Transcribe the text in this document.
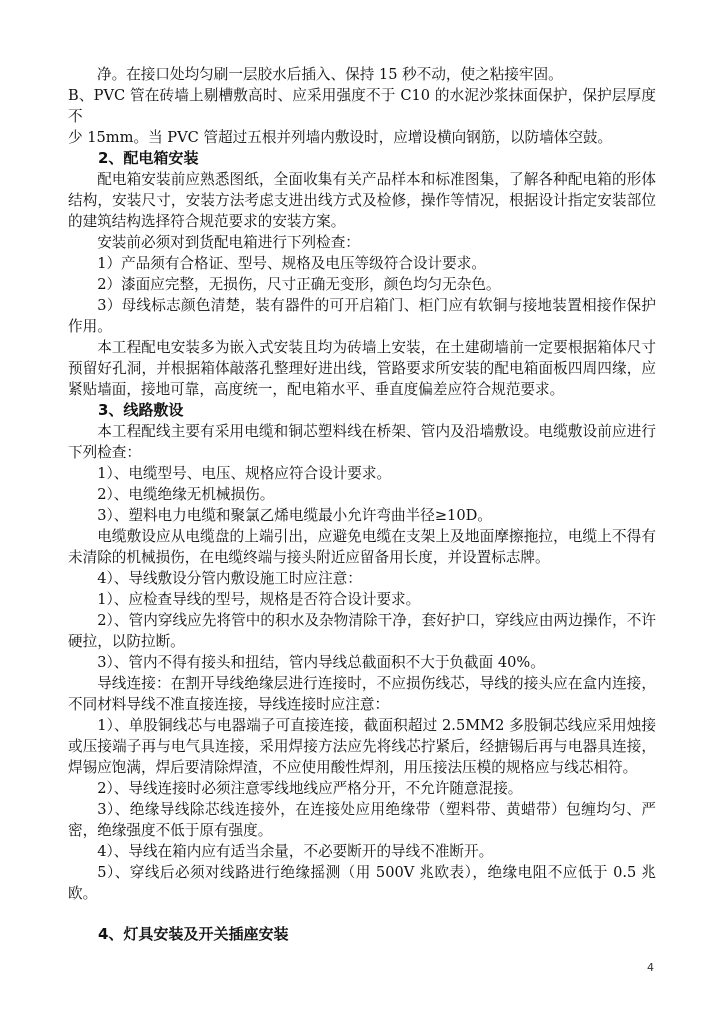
净。在接口处均匀刷一层胶水后插入、保持 15 秒不动，使之粘接牢固。

B、PVC 管在砖墙上剔槽敷高时、应采用强度不于 C10 的水泥沙浆抹面保护，保护层厚度不

少 15mm。当 PVC 管超过五根并列墙内敷设时，应增设横向钢筋，以防墙体空鼓。

2、配电箱安装

配电箱安装前应熟悉图纸，全面收集有关产品样本和标准图集，了解各种配电箱的形体结构，安装尺寸，安装方法考虑支进出线方式及检修，操作等情况，根据设计指定安装部位的建筑结构选择符合规范要求的安装方案。

安装前必须对到货配电箱进行下列检查：

1）产品须有合格证、型号、规格及电压等级符合设计要求。

2）漆面应完整，无损伤，尺寸正确无变形，颜色均匀无杂色。

3）母线标志颜色清楚，装有器件的可开启箱门、柜门应有软铜与接地装置相接作保护作用。

本工程配电安装多为嵌入式安装且均为砖墙上安装，在土建砌墙前一定要根据箱体尺寸预留好孔洞，并根据箱体敲落孔整理好进出线，管路要求所安装的配电箱面板四周四缘，应紧贴墙面，接地可靠，高度统一，配电箱水平、垂直度偏差应符合规范要求。

3、线路敷设

本工程配线主要有采用电缆和铜芯塑料线在桥架、管内及沿墙敷设。电缆敷设前应进行下列检查：

1）、电缆型号、电压、规格应符合设计要求。

2）、电缆绝缘无机械损伤。

3）、塑料电力电缆和聚氯乙烯电缆最小允许弯曲半径≥10D。

电缆敷设应从电缆盘的上端引出，应避免电缆在支架上及地面摩擦拖拉，电缆上不得有未清除的机械损伤，在电缆终端与接头附近应留备用长度，并设置标志牌。

4）、导线敷设分管内敷设施工时应注意：

1）、应检查导线的型号，规格是否符合设计要求。

2）、管内穿线应先将管中的积水及杂物清除干净，套好护口，穿线应由两边操作，不许硬拉，以防拉断。

3）、管内不得有接头和扭结，管内导线总截面积不大于负截面 40%。

导线连接：在割开导线绝缘层进行连接时，不应损伤线芯，导线的接头应在盒内连接，不同材料导线不准直接连接，导线连接时应注意：

1）、单股铜线芯与电器端子可直接连接，截面积超过 2.5MM2 多股铜芯线应采用烛接或压接端子再与电气具连接，采用焊接方法应先将线芯拧紧后，经搪锡后再与电器具连接，焊锡应饱满，焊后要清除焊渣，不应使用酸性焊剂，用压接法压模的规格应与线芯相符。

2）、导线连接时必须注意零线地线应严格分开，不允许随意混接。

3）、绝缘导线除芯线连接外，在连接处应用绝缘带（塑料带、黄蜡带）包缠均匀、严密，绝缘强度不低于原有强度。

4）、导线在箱内应有适当余量，不必要断开的导线不准断开。

5）、穿线后必须对线路进行绝缘摇测（用 500V 兆欧表），绝缘电阻不应低于 0.5 兆欧。

4、灯具安装及开关插座安装

4
